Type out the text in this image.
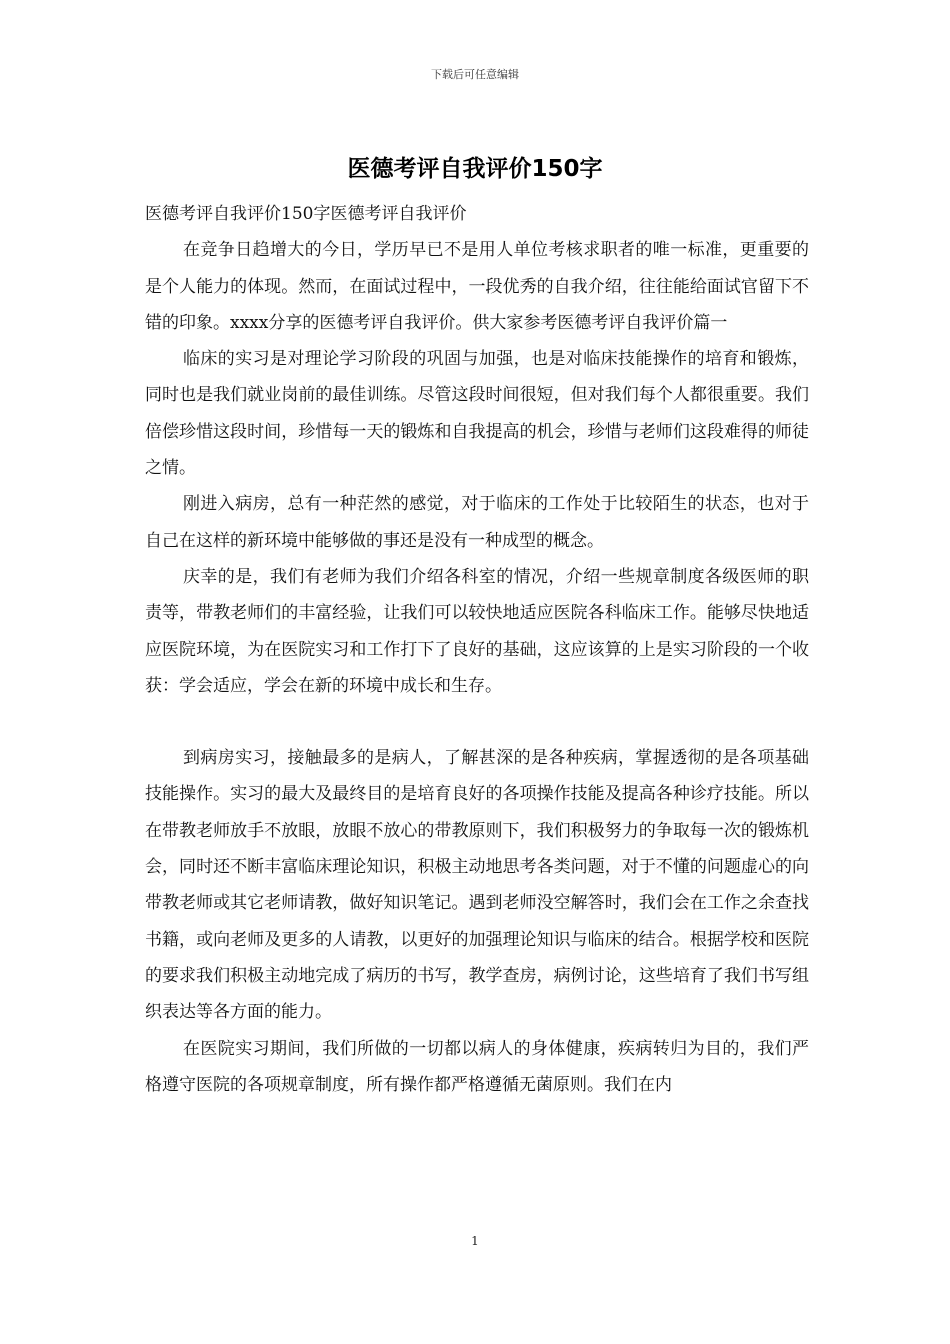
下载后可任意编辑
医德考评自我评价150字

医德考评自我评价150字医德考评自我评价

在竞争日趋增大的今日，学历早已不是用人单位考核求职者的唯一标准，更重要的是个人能力的体现。然而，在面试过程中，一段优秀的自我介绍，往往能给面试官留下不错的印象。xxxx分享的医德考评自我评价。供大家参考医德考评自我评价篇一

临床的实习是对理论学习阶段的巩固与加强，也是对临床技能操作的培育和锻炼，同时也是我们就业岗前的最佳训练。尽管这段时间很短，但对我们每个人都很重要。我们倍偿珍惜这段时间，珍惜每一天的锻炼和自我提高的机会，珍惜与老师们这段难得的师徒之情。

刚进入病房，总有一种茫然的感觉，对于临床的工作处于比较陌生的状态，也对于自己在这样的新环境中能够做的事还是没有一种成型的概念。

庆幸的是，我们有老师为我们介绍各科室的情况，介绍一些规章制度各级医师的职责等，带教老师们的丰富经验，让我们可以较快地适应医院各科临床工作。能够尽快地适应医院环境，为在医院实习和工作打下了良好的基础，这应该算的上是实习阶段的一个收获：学会适应，学会在新的环境中成长和生存。

到病房实习，接触最多的是病人，了解甚深的是各种疾病，掌握透彻的是各项基础技能操作。实习的最大及最终目的是培育良好的各项操作技能及提高各种诊疗技能。所以在带教老师放手不放眼，放眼不放心的带教原则下，我们积极努力的争取每一次的锻炼机会，同时还不断丰富临床理论知识，积极主动地思考各类问题，对于不懂的问题虚心的向带教老师或其它老师请教，做好知识笔记。遇到老师没空解答时，我们会在工作之余查找书籍，或向老师及更多的人请教，以更好的加强理论知识与临床的结合。根据学校和医院的要求我们积极主动地完成了病历的书写，教学查房，病例讨论，这些培育了我们书写组织表达等各方面的能力。

在医院实习期间，我们所做的一切都以病人的身体健康，疾病转归为目的，我们严格遵守医院的各项规章制度，所有操作都严格遵循无菌原则。我们在内

1
